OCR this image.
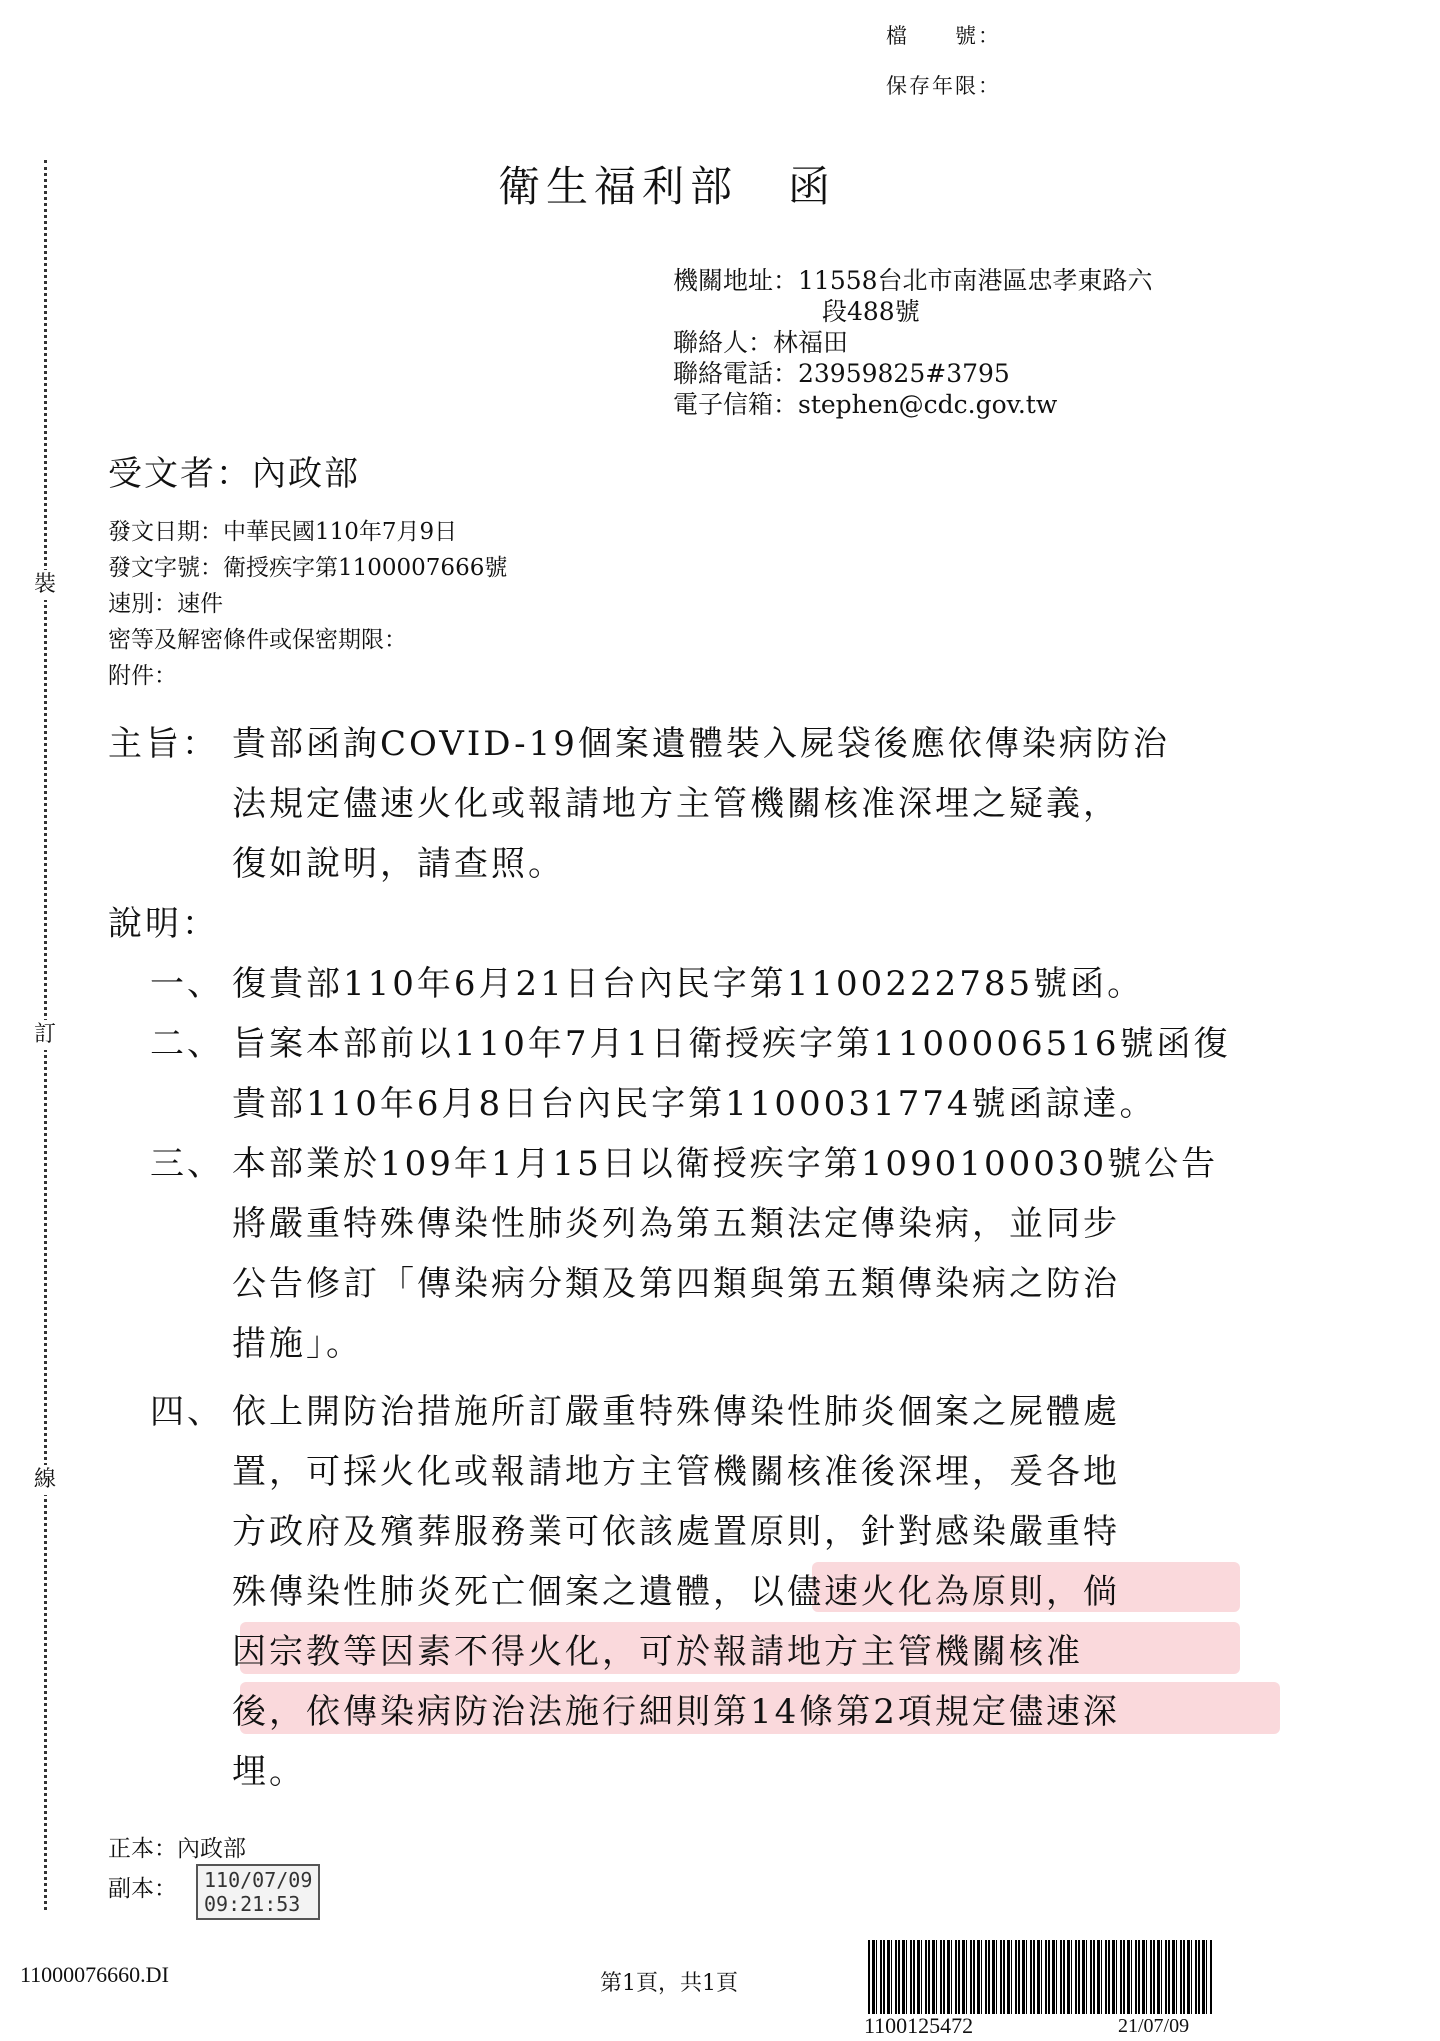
裝
訂
線
檔　　號：
保存年限：
衛生福利部 函
機關地址：11558台北市南港區忠孝東路六
段488號
聯絡人：林福田
聯絡電話：23959825#3795
電子信箱：stephen@cdc.gov.tw
受文者：內政部
發文日期：中華民國110年7月9日
發文字號：衛授疾字第1100007666號
速別：速件
密等及解密條件或保密期限：
附件：
主旨： 貴部函詢COVID-19個案遺體裝入屍袋後應依傳染病防治
法規定儘速火化或報請地方主管機關核准深埋之疑義，
復如說明，請查照。
說明：
一、 復貴部110年6月21日台內民字第1100222785號函。
二、 旨案本部前以110年7月1日衛授疾字第1100006516號函復
貴部110年6月8日台內民字第1100031774號函諒達。
三、 本部業於109年1月15日以衛授疾字第1090100030號公告
將嚴重特殊傳染性肺炎列為第五類法定傳染病，並同步
公告修訂「傳染病分類及第四類與第五類傳染病之防治
措施」。
四、 依上開防治措施所訂嚴重特殊傳染性肺炎個案之屍體處
置，可採火化或報請地方主管機關核准後深埋，爰各地
方政府及殯葬服務業可依該處置原則，針對感染嚴重特
殊傳染性肺炎死亡個案之遺體，以儘速火化為原則，倘
因宗教等因素不得火化，可於報請地方主管機關核准
後，依傳染病防治法施行細則第14條第2項規定儘速深
埋。
正本：內政部
副本： 110/07/09
09:21:53
11000076660.DI	第1頁，共1頁
1100125472	21/07/09
